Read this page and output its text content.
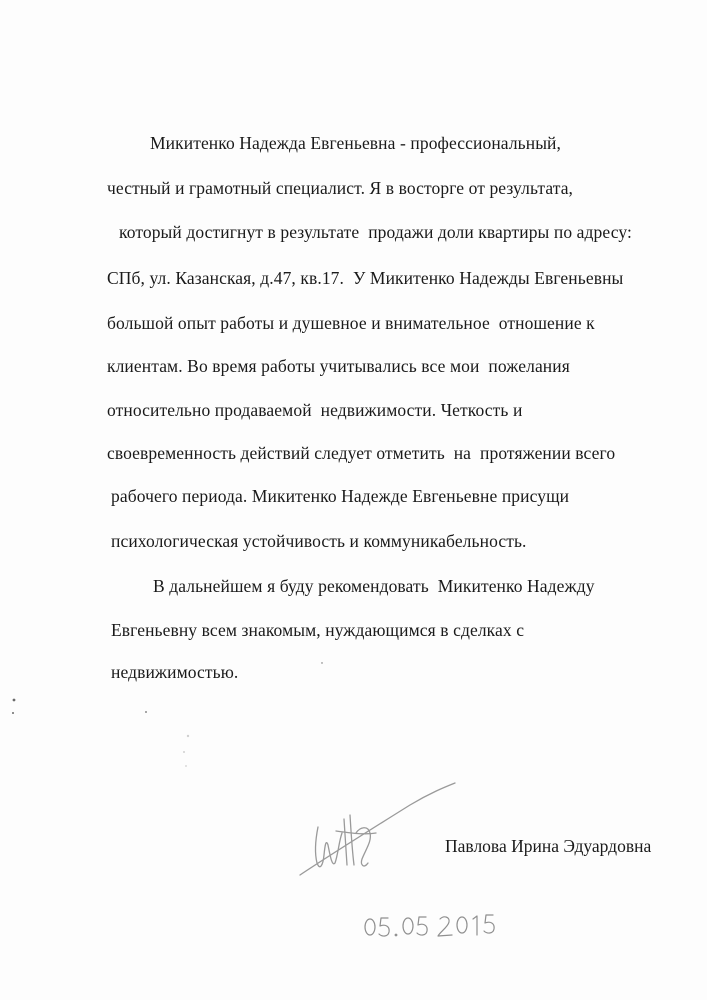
Микитенко Надежда Евгеньевна - профессиональный,
честный и грамотный специалист. Я в восторге от результата,
который достигнут в результате  продажи доли квартиры по адресу:
СПб, ул. Казанская, д.47, кв.17.  У Микитенко Надежды Евгеньевны
большой опыт работы и душевное и внимательное  отношение к
клиентам. Во время работы учитывались все мои  пожелания
относительно продаваемой  недвижимости. Четкость и
своевременность действий следует отметить  на  протяжении всего
рабочего периода. Микитенко Надежде Евгеньевне присущи
психологическая устойчивость и коммуникабельность.
В дальнейшем я буду рекомендовать  Микитенко Надежду
Евгеньевну всем знакомым, нуждающимся в сделках с
недвижимостью.
Павлова Ирина Эдуардовна
